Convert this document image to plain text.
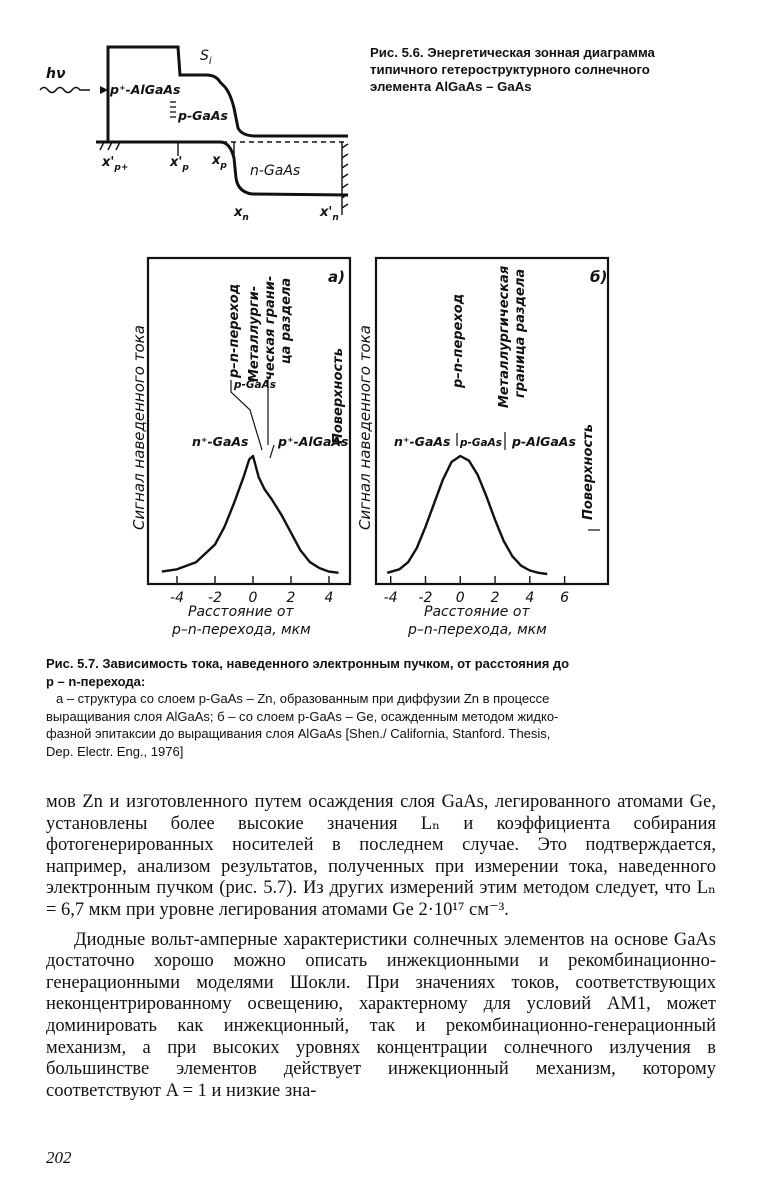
hν
$S_i$
p⁺-AlGaAs
p-GaAs
n-GaAs
$x'_{p+}$	$x'_p$ $x_p$
$x_n$	$x'_n$
Рис. 5.6. Энергетическая зонная диаграмма
типичного гетероструктурного солнечного
элемента AlGaAs – GaAs
-4 -2 0 2 4
а)
Сигнал наведенного тока	p–n-переход Металлурги- ческая грани- ца раздела
Поверхность
p-GaAs
n⁺-GaAs p⁺-AlGaAs
Расстояние от
p–n-перехода, мкм
-4 -2 0 2 4 6
б)
Сигнал наведенного тока	p–n-переход Металлургическая граница раздела
Поверхность
n⁺-GaAs p-GaAs p-AlGaAs
Расстояние от
p–n-перехода, мкм
Рис. 5.7. Зависимость тока, наведенного электронным пучком, от расстояния до
p – n-перехода:
а – структура со слоем p-GaAs – Zn, образованным при диффузии Zn в процессе
выращивания слоя AlGaAs; б – со слоем p-GaAs – Ge, осажденным методом жидко-
фазной эпитаксии до выращивания слоя AlGaAs [Shen./ California, Stanford. Thesis,
Dep. Electr. Eng., 1976]

мов Zn и изготовленного путем осаждения слоя GaAs, легированного атомами Ge, установлены более высокие значения Lₙ и коэффициента собирания фотогенерированных носителей в последнем случае. Это подтверждается, например, анализом результатов, полученных при измерении тока, наведенного электронным пучком (рис. 5.7). Из других измерений этим методом следует, что Lₙ = 6,7 мкм при уровне легирования атомами Ge 2·10¹⁷ см⁻³.

Диодные вольт-амперные характеристики солнечных элементов на основе GaAs достаточно хорошо можно описать инжекционными и рекомбинационно-генерационными моделями Шокли. При значениях токов, соответствующих неконцентрированному освещению, характерному для условий AM1, может доминировать как инжекционный, так и рекомбинационно-генерационный механизм, а при высоких уровнях концентрации солнечного излучения в большинстве элементов действует инжекционный механизм, которому соответствуют A = 1 и низкие зна-

202
